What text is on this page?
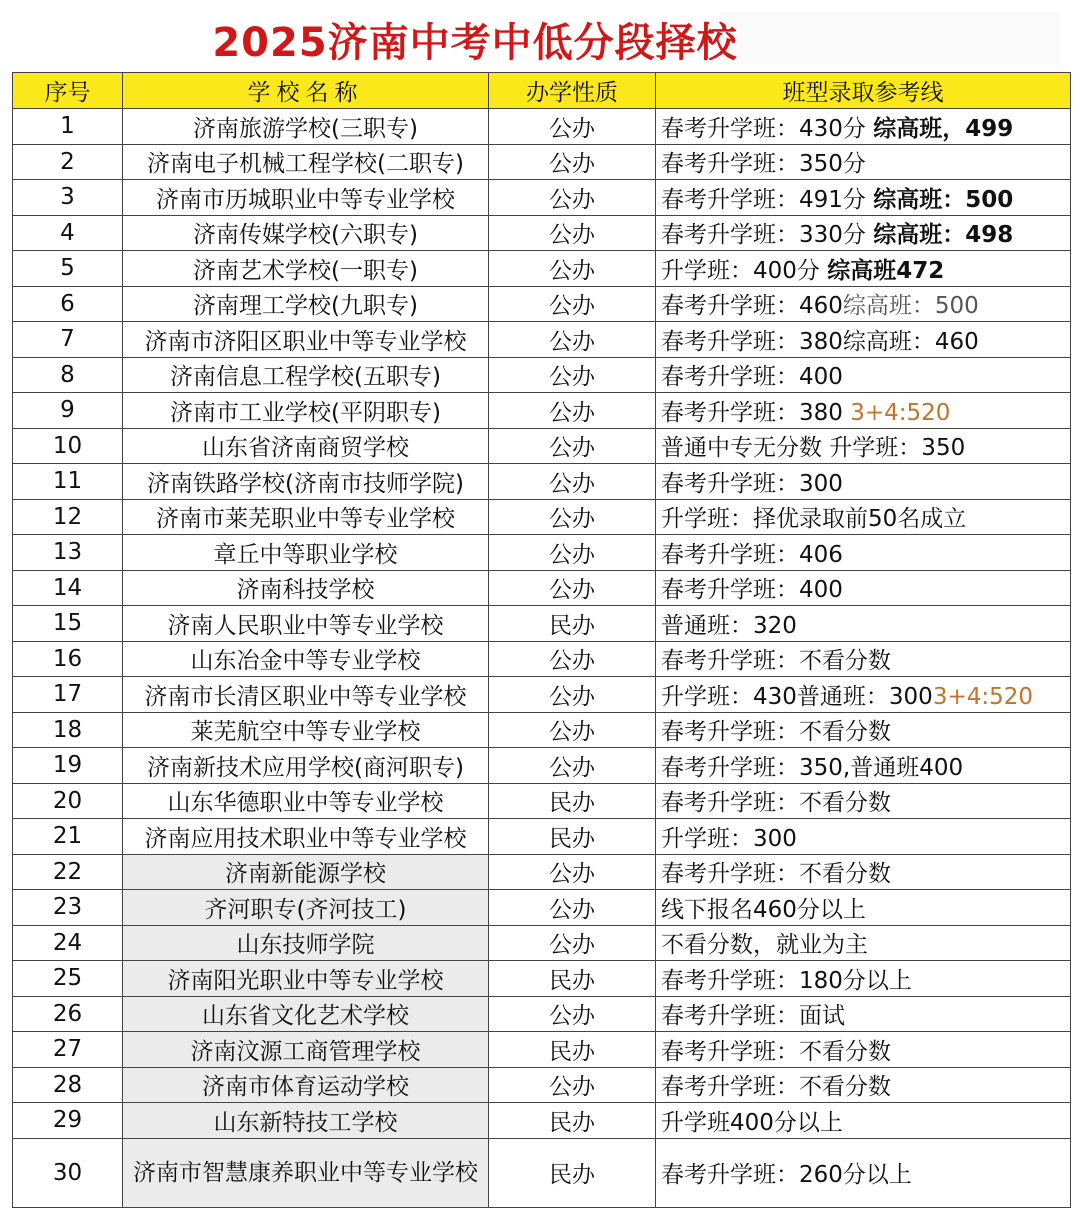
2025济南中考中低分段择校
序号	学校名称	办学性质	班型录取参考线
1	济南旅游学校(三职专)	公办	春考升学班：430分 综高班，499
2	济南电子机械工程学校(二职专)	公办	春考升学班：350分
3	济南市历城职业中等专业学校	公办	春考升学班：491分 综高班：500
4	济南传媒学校(六职专)	公办	春考升学班：330分 综高班：498
5	济南艺术学校(一职专)	公办	升学班：400分 综高班472
6	济南理工学校(九职专)	公办	春考升学班：460综高班：500
7	济南市济阳区职业中等专业学校	公办	春考升学班：380综高班：460
8	济南信息工程学校(五职专)	公办	春考升学班：400
9	济南市工业学校(平阴职专)	公办	春考升学班：380 3+4:520
10	山东省济南商贸学校	公办	普通中专无分数 升学班：350
11	济南铁路学校(济南市技师学院)	公办	春考升学班：300
12	济南市莱芜职业中等专业学校	公办	升学班：择优录取前50名成立
13	章丘中等职业学校	公办	春考升学班：406
14	济南科技学校	公办	春考升学班：400
15	济南人民职业中等专业学校	民办	普通班：320
16	山东冶金中等专业学校	公办	春考升学班：不看分数
17	济南市长清区职业中等专业学校	公办	升学班：430普通班：3003+4:520
18	莱芜航空中等专业学校	公办	春考升学班：不看分数
19	济南新技术应用学校(商河职专)	公办	春考升学班：350,普通班400
20	山东华德职业中等专业学校	民办	春考升学班：不看分数
21	济南应用技术职业中等专业学校	民办	升学班：300
22	济南新能源学校	公办	春考升学班：不看分数
23	齐河职专(齐河技工)	公办	线下报名460分以上
24	山东技师学院	公办	不看分数，就业为主
25	济南阳光职业中等专业学校	民办	春考升学班：180分以上
26	山东省文化艺术学校	公办	春考升学班：面试
27	济南汶源工商管理学校	民办	春考升学班：不看分数
28	济南市体育运动学校	公办	春考升学班：不看分数
29	山东新特技工学校	民办	升学班400分以上
30	济南市智慧康养职业中等专业学校	民办	春考升学班：260分以上
